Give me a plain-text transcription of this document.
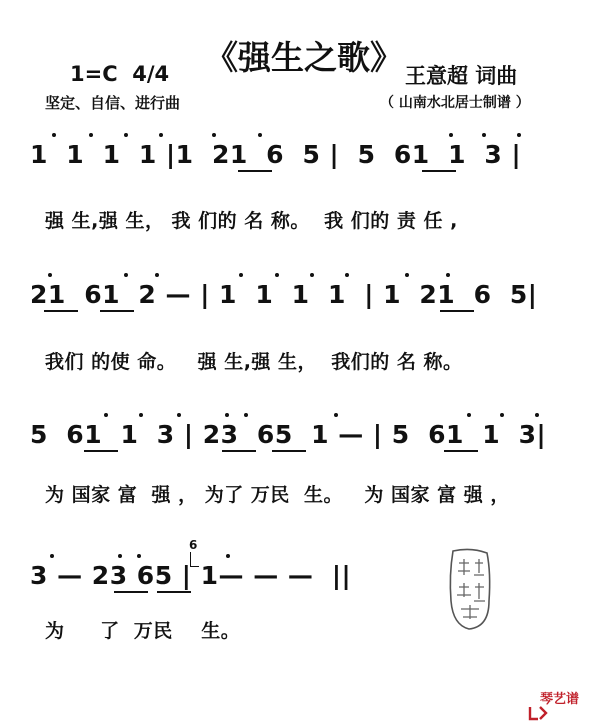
《强生之歌》
1=C  4/4
坚定、自信、进行曲
王意超 词曲
（ 山南水北居士制谱 ）
1  1  1  1 |1  21  6  5 |  5  61  1  3 |
强 生,强 生， 我 们的 名 称。  我 们的 责 任 ,
21  61  2 — | 1  1  1  1  | 1  21  6  5|
我们 的使 命。   强 生,强 生，  我们的 名 称。
5  61  1  3 | 23  65  1 — | 5  61  1  3|
为 国家 富  强 ， 为了 万民  生。   为 国家 富 强 ，
3 — 23 65 | 1— — —  ||
为     了  万民    生。
6

琴艺谱
